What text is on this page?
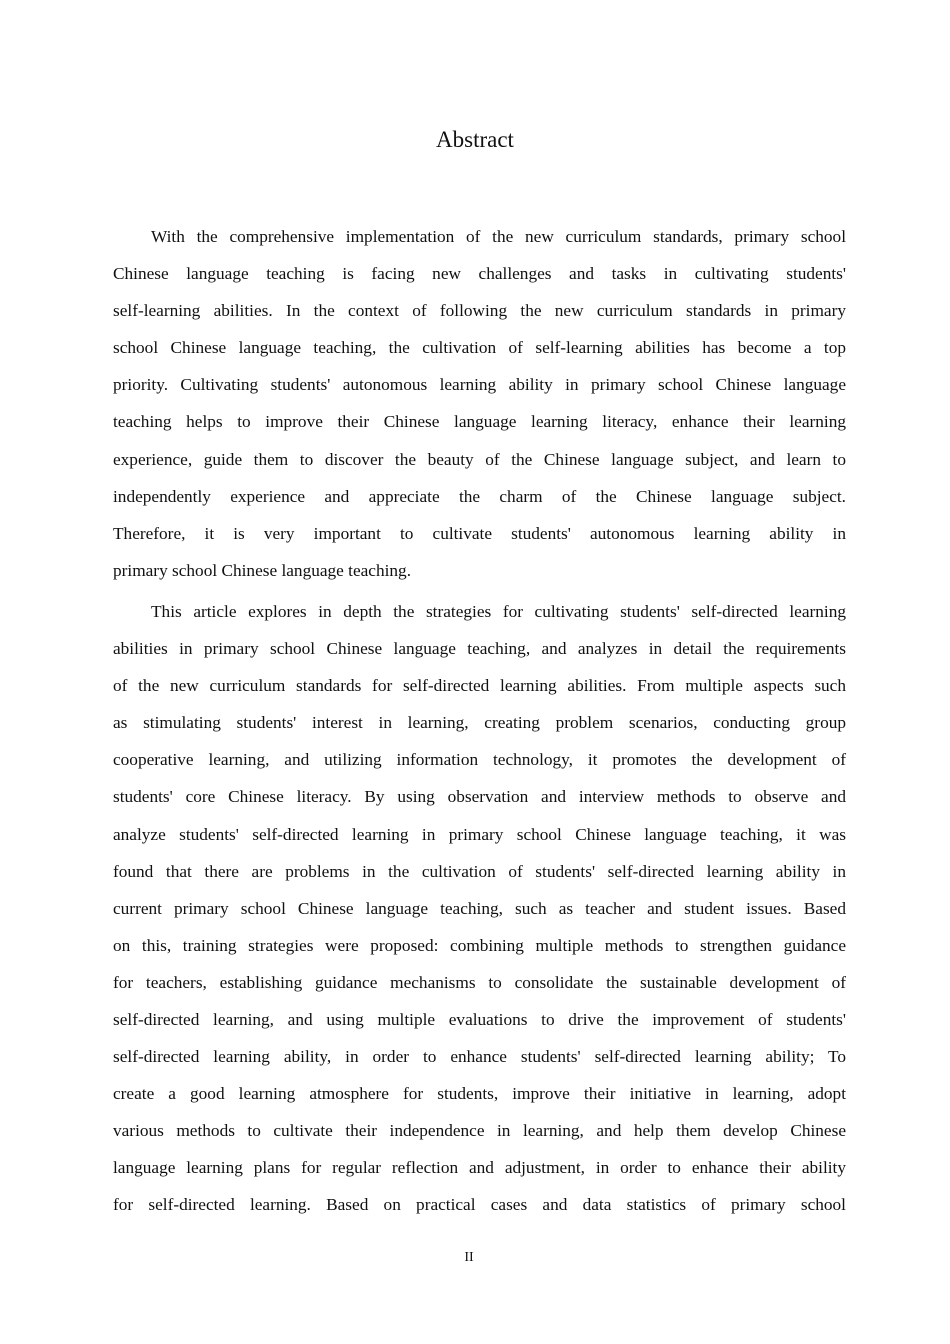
Abstract
With the comprehensive implementation of the new curriculum standards, primary school
Chinese language teaching is facing new challenges and tasks in cultivating students'
self-learning abilities. In the context of following the new curriculum standards in primary
school Chinese language teaching, the cultivation of self-learning abilities has become a top
priority. Cultivating students' autonomous learning ability in primary school Chinese language
teaching helps to improve their Chinese language learning literacy, enhance their learning
experience, guide them to discover the beauty of the Chinese language subject, and learn to
independently experience and appreciate the charm of the Chinese language subject.
Therefore, it is very important to cultivate students' autonomous learning ability in
primary school Chinese language teaching.
This article explores in depth the strategies for cultivating students' self-directed learning
abilities in primary school Chinese language teaching, and analyzes in detail the requirements
of the new curriculum standards for self-directed learning abilities. From multiple aspects such
as stimulating students' interest in learning, creating problem scenarios, conducting group
cooperative learning, and utilizing information technology, it promotes the development of
students' core Chinese literacy. By using observation and interview methods to observe and
analyze students' self-directed learning in primary school Chinese language teaching, it was
found that there are problems in the cultivation of students' self-directed learning ability in
current primary school Chinese language teaching, such as teacher and student issues. Based
on this, training strategies were proposed: combining multiple methods to strengthen guidance
for teachers, establishing guidance mechanisms to consolidate the sustainable development of
self-directed learning, and using multiple evaluations to drive the improvement of students'
self-directed learning ability, in order to enhance students' self-directed learning ability; To
create a good learning atmosphere for students, improve their initiative in learning, adopt
various methods to cultivate their independence in learning, and help them develop Chinese
language learning plans for regular reflection and adjustment, in order to enhance their ability
for self-directed learning. Based on practical cases and data statistics of primary school
II
